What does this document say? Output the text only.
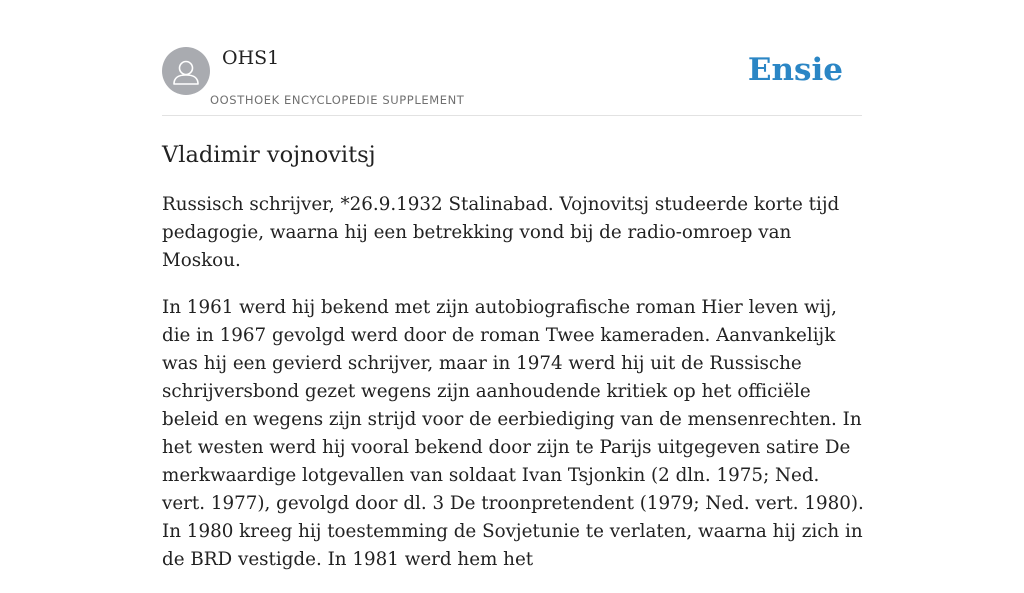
OHS1
OOSTHOEK ENCYCLOPEDIE SUPPLEMENT
Ensie
Vladimir vojnovitsj

Russisch schrijver, *26.9.1932 Stalinabad. Vojnovitsj studeerde korte tijd pedagogie, waarna hij een betrekking vond bij de radio-omroep van Moskou.

In 1961 werd hij bekend met zijn autobiografische roman Hier leven wij, die in 1967 gevolgd werd door de roman Twee kameraden. Aanvankelijk was hij een gevierd schrijver, maar in 1974 werd hij uit de Russische schrijversbond gezet wegens zijn aanhoudende kritiek op het officiële beleid en wegens zijn strijd voor de eerbiediging van de mensenrechten. In het westen werd hij vooral bekend door zijn te Parijs uitgegeven satire De merkwaardige lotgevallen van soldaat Ivan Tsjonkin (2 dln. 1975; Ned. vert. 1977), gevolgd door dl. 3 De troonpretendent (1979; Ned. vert. 1980). In 1980 kreeg hij toestemming de Sovjetunie te verlaten, waarna hij zich in de BRD vestigde. In 1981 werd hem het
